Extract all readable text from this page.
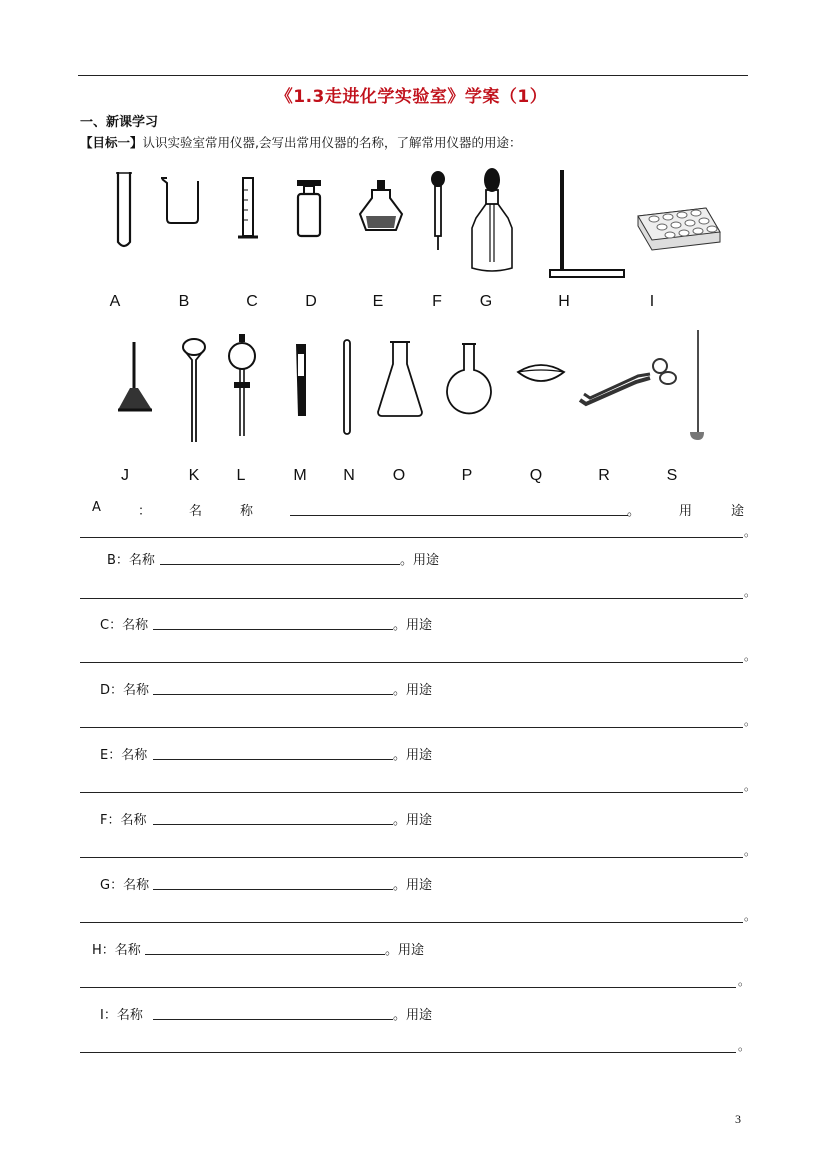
《1.3走进化学实验室》学案（1）
一、新课学习
【目标一】认识实验室常用仪器,会写出常用仪器的名称，了解常用仪器的用途：
A	B	C	D	E	F	G	H	I
J	K	L	M N O	P	Q	R	S
A	：	名	称	。	用	途
。
B：名称	。用途
。
C：名称	。用途
。
D：名称	。用途
。
E：名称	。用途
。
F：名称	。用途
。
G：名称	。用途
。
H：名称	。用途
。
I：名称	。用途
。
3
